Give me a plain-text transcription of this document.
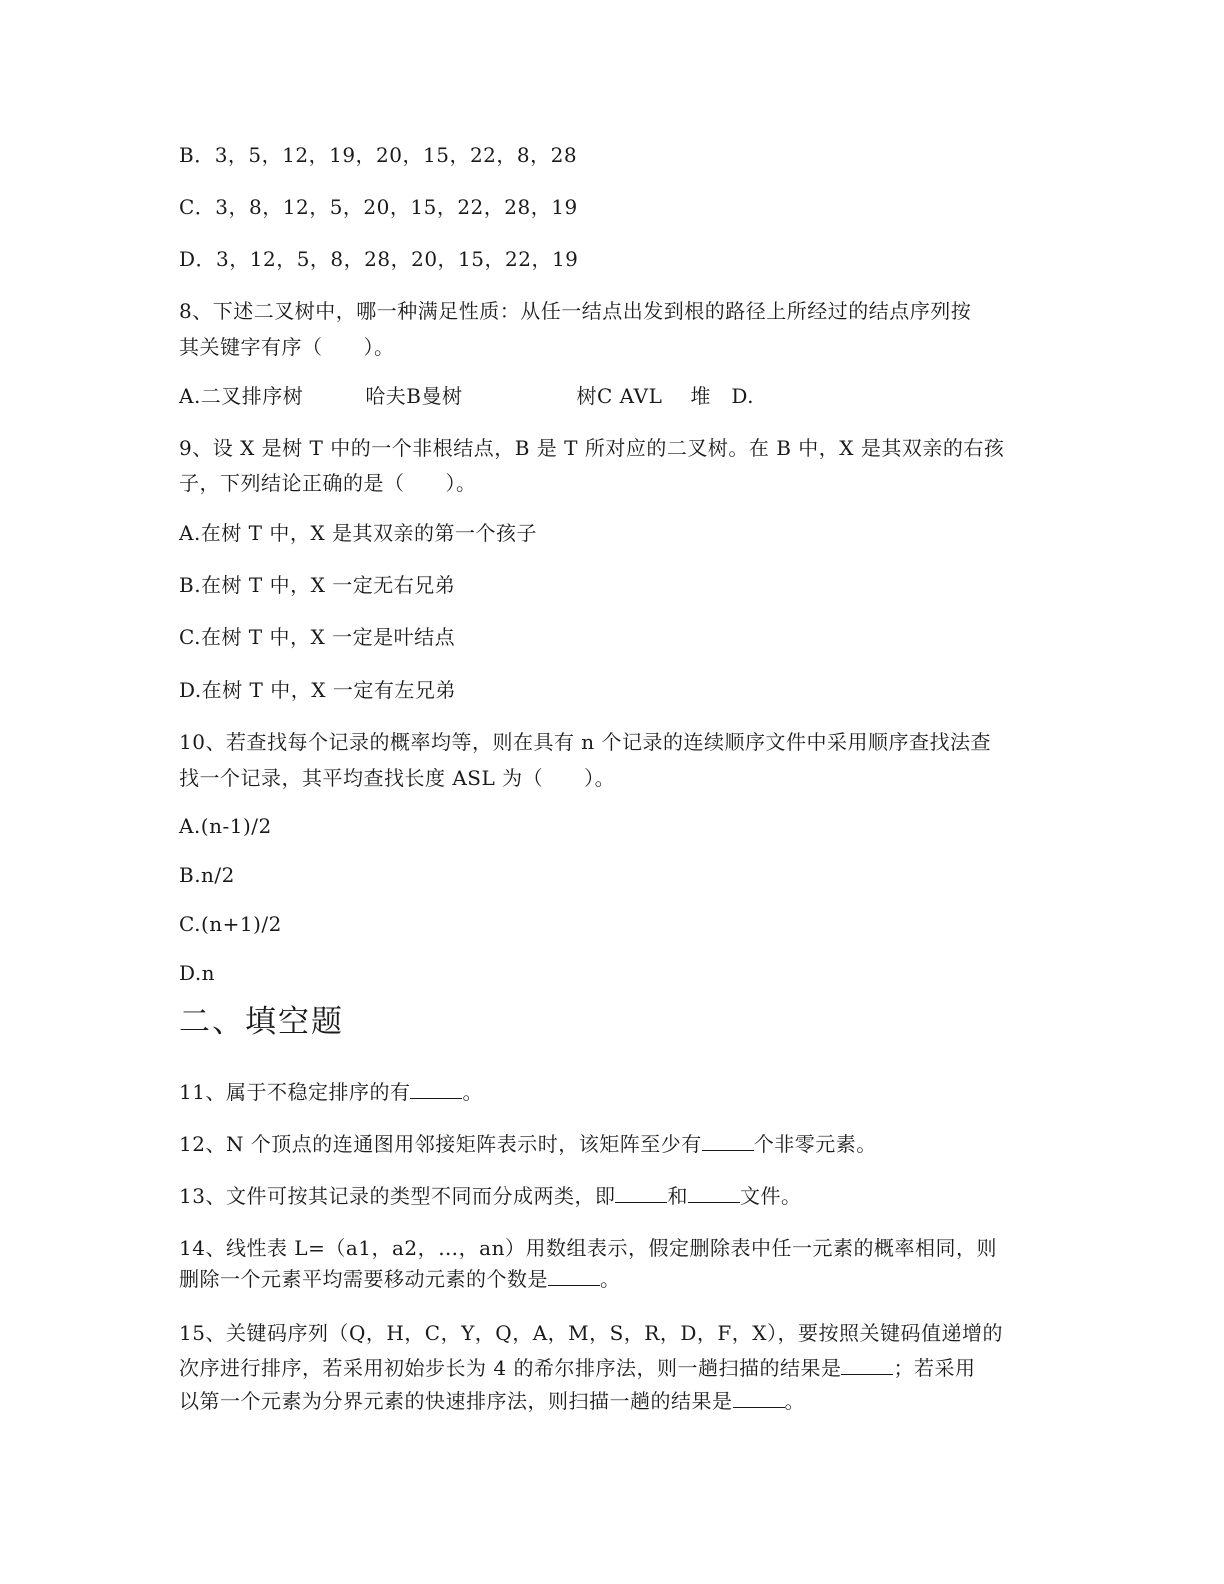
B．3，5，12，19，20，15，22，8，28
C．3，8，12，5，20，15，22，28，19
D．3，12，5，8，28，20，15，22，19
8、下述二叉树中，哪一种满足性质：从任一结点出发到根的路径上所经过的结点序列按
其关键字有序（　　）。
A.二叉排序树	哈夫B曼树	树C AVL 堆　D.
9、设 X 是树 T 中的一个非根结点，B 是 T 所对应的二叉树。在 B 中，X 是其双亲的右孩
子，下列结论正确的是（　　）。
A.在树 T 中，X 是其双亲的第一个孩子
B.在树 T 中，X 一定无右兄弟
C.在树 T 中，X 一定是叶结点
D.在树 T 中，X 一定有左兄弟
10、若查找每个记录的概率均等，则在具有 n 个记录的连续顺序文件中采用顺序查找法查
找一个记录，其平均查找长度 ASL 为（　　）。
A.(n-1)/2
B.n/2
C.(n+1)/2
D.n
二、填空题
11、属于不稳定排序的有	。
12、N 个顶点的连通图用邻接矩阵表示时，该矩阵至少有	个非零元素。
13、文件可按其记录的类型不同而分成两类，即	和	文件。
14、线性表 L=（a1，a2，…，an）用数组表示，假定删除表中任一元素的概率相同，则
删除一个元素平均需要移动元素的个数是	。
15、关键码序列（Q，H，C，Y，Q，A，M，S，R，D，F，X），要按照关键码值递增的
次序进行排序，若采用初始步长为 4 的希尔排序法，则一趟扫描的结果是	；若采用
以第一个元素为分界元素的快速排序法，则扫描一趟的结果是	。
